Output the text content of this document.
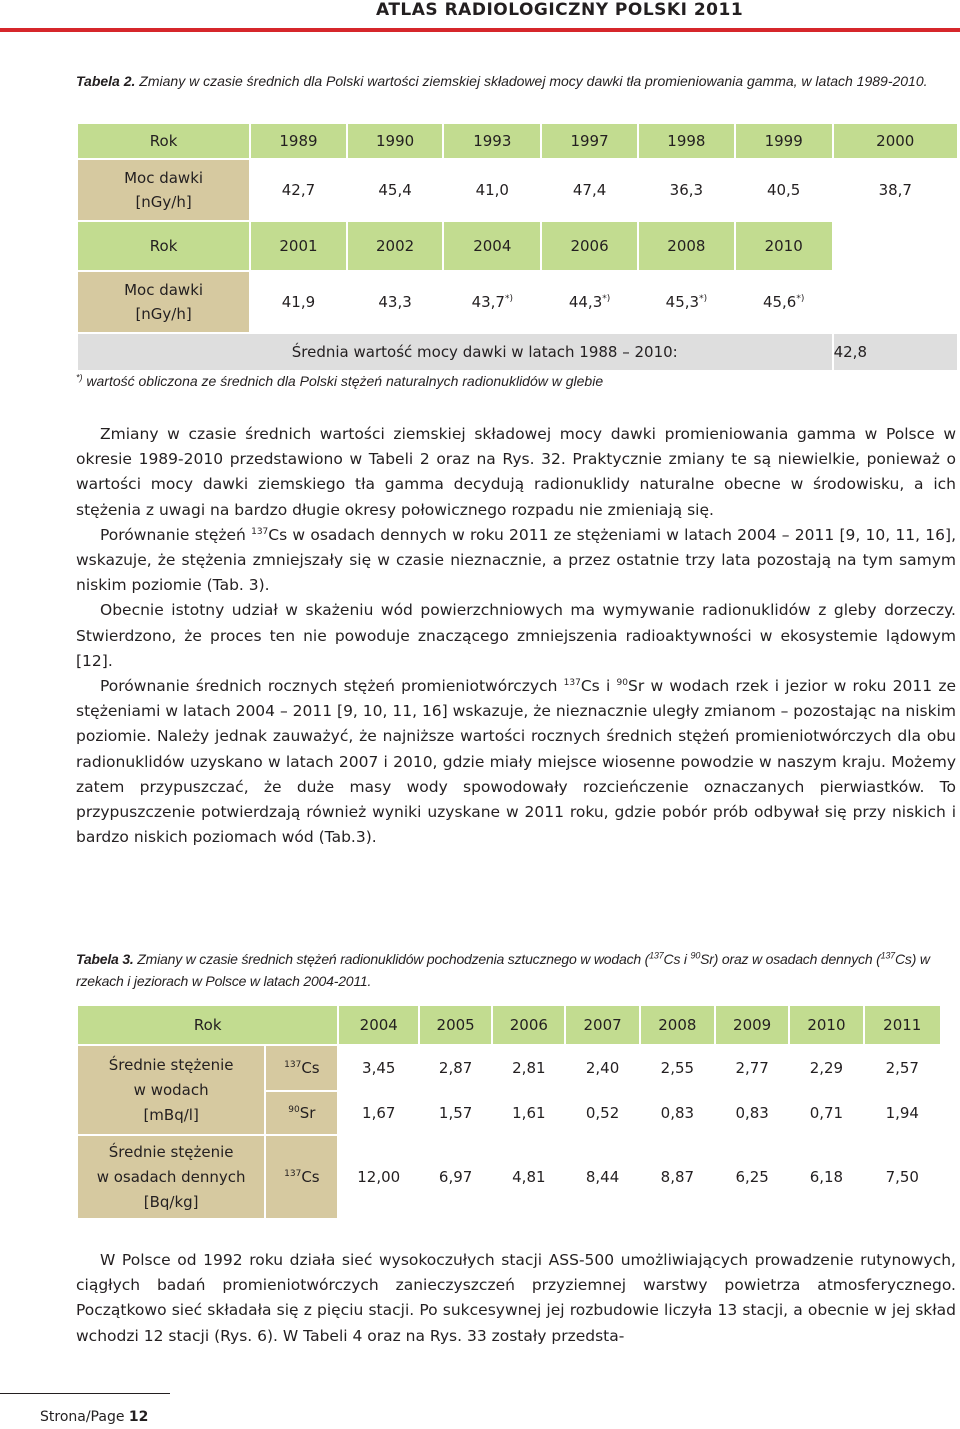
ATLAS RADIOLOGICZNY POLSKI 2011
Tabela 2. Zmiany w czasie średnich dla Polski wartości ziemskiej składowej mocy dawki tła promieniowania gamma, w latach 1989-2010.
Rok	1989	1990	1993	1997	1998	1999	2000
Moc dawki
[nGy/h]	42,7	45,4	41,0	47,4	36,3	40,5	38,7
Rok	2001	2002	2004	2006	2008	2010	
Moc dawki
[nGy/h]	41,9	43,3	43,7*)	44,3*)	45,3*)	45,6*)	
Średnia wartość mocy dawki w latach 1988 – 2010:							42,8
*) wartość obliczona ze średnich dla Polski stężeń naturalnych radionuklidów w glebie

Zmiany w czasie średnich wartości ziemskiej składowej mocy dawki promieniowania gamma w Polsce w okresie 1989-2010 przedstawiono w Tabeli 2 oraz na Rys. 32. Praktycznie zmiany te są niewielkie, ponieważ o wartości mocy dawki ziemskiego tła gamma decydują radionuklidy naturalne obecne w środowisku, a ich stężenia z uwagi na bardzo długie okresy połowicznego rozpadu nie zmieniają się.

Porównanie stężeń $^{137}$Cs w osadach dennych w roku 2011 ze stężeniami w latach 2004 – 2011 [9, 10, 11, 16], wskazuje, że stężenia zmniejszały się w czasie nieznacznie, a przez ostatnie trzy lata pozostają na tym samym niskim poziomie (Tab. 3).

Obecnie istotny udział w skażeniu wód powierzchniowych ma wymywanie radionuklidów z gleby dorzeczy. Stwierdzono, że proces ten nie powoduje znaczącego zmniejszenia radioaktywności w ekosystemie lądowym [12].

Porównanie średnich rocznych stężeń promieniotwórczych $^{137}$Cs i $^{90}$Sr w wodach rzek i jezior w roku 2011 ze stężeniami w latach 2004 – 2011 [9, 10, 11, 16] wskazuje, że nieznacznie uległy zmianom – pozostając na niskim poziomie. Należy jednak zauważyć, że najniższe wartości rocznych średnich stężeń promieniotwórczych dla obu radionuklidów uzyskano w latach 2007 i 2010, gdzie miały miejsce wiosenne powodzie w naszym kraju. Możemy zatem przypuszczać, że duże masy wody spowodowały rozcieńczenie oznaczanych pierwiastków. To przypuszczenie potwierdzają również wyniki uzyskane w 2011 roku, gdzie pobór prób odbywał się przy niskich i bardzo niskich poziomach wód (Tab.3).

Tabela 3. Zmiany w czasie średnich stężeń radionuklidów pochodzenia sztucznego w wodach ($^{137}$Cs i $^{90}$Sr) oraz w osadach dennych ($^{137}$Cs) w rzekach i jeziorach w Polsce w latach 2004-2011.
Rok		2004	2005	2006	2007	2008	2009	2010	2011
Średnie stężenie
w wodach
[mBq/l]	$^{137}$Cs	3,45	2,87	2,81	2,40	2,55	2,77	2,29	2,57
	$^{90}$Sr	1,67	1,57	1,61	0,52	0,83	0,83	0,71	1,94
Średnie stężenie
w osadach dennych
[Bq/kg]	$^{137}$Cs	12,00	6,97	4,81	8,44	8,87	6,25	6,18	7,50

W Polsce od 1992 roku działa sieć wysokoczułych stacji ASS-500 umożliwiających prowadzenie rutynowych, ciągłych badań promieniotwórczych zanieczyszczeń przyziemnej warstwy powietrza atmosferycznego. Początkowo sieć składała się z pięciu stacji. Po sukcesywnej jej rozbudowie liczyła 13 stacji, a obecnie w jej skład wchodzi 12 stacji (Rys. 6). W Tabeli 4 oraz na Rys. 33 zostały przedsta-

Strona/Page 12
